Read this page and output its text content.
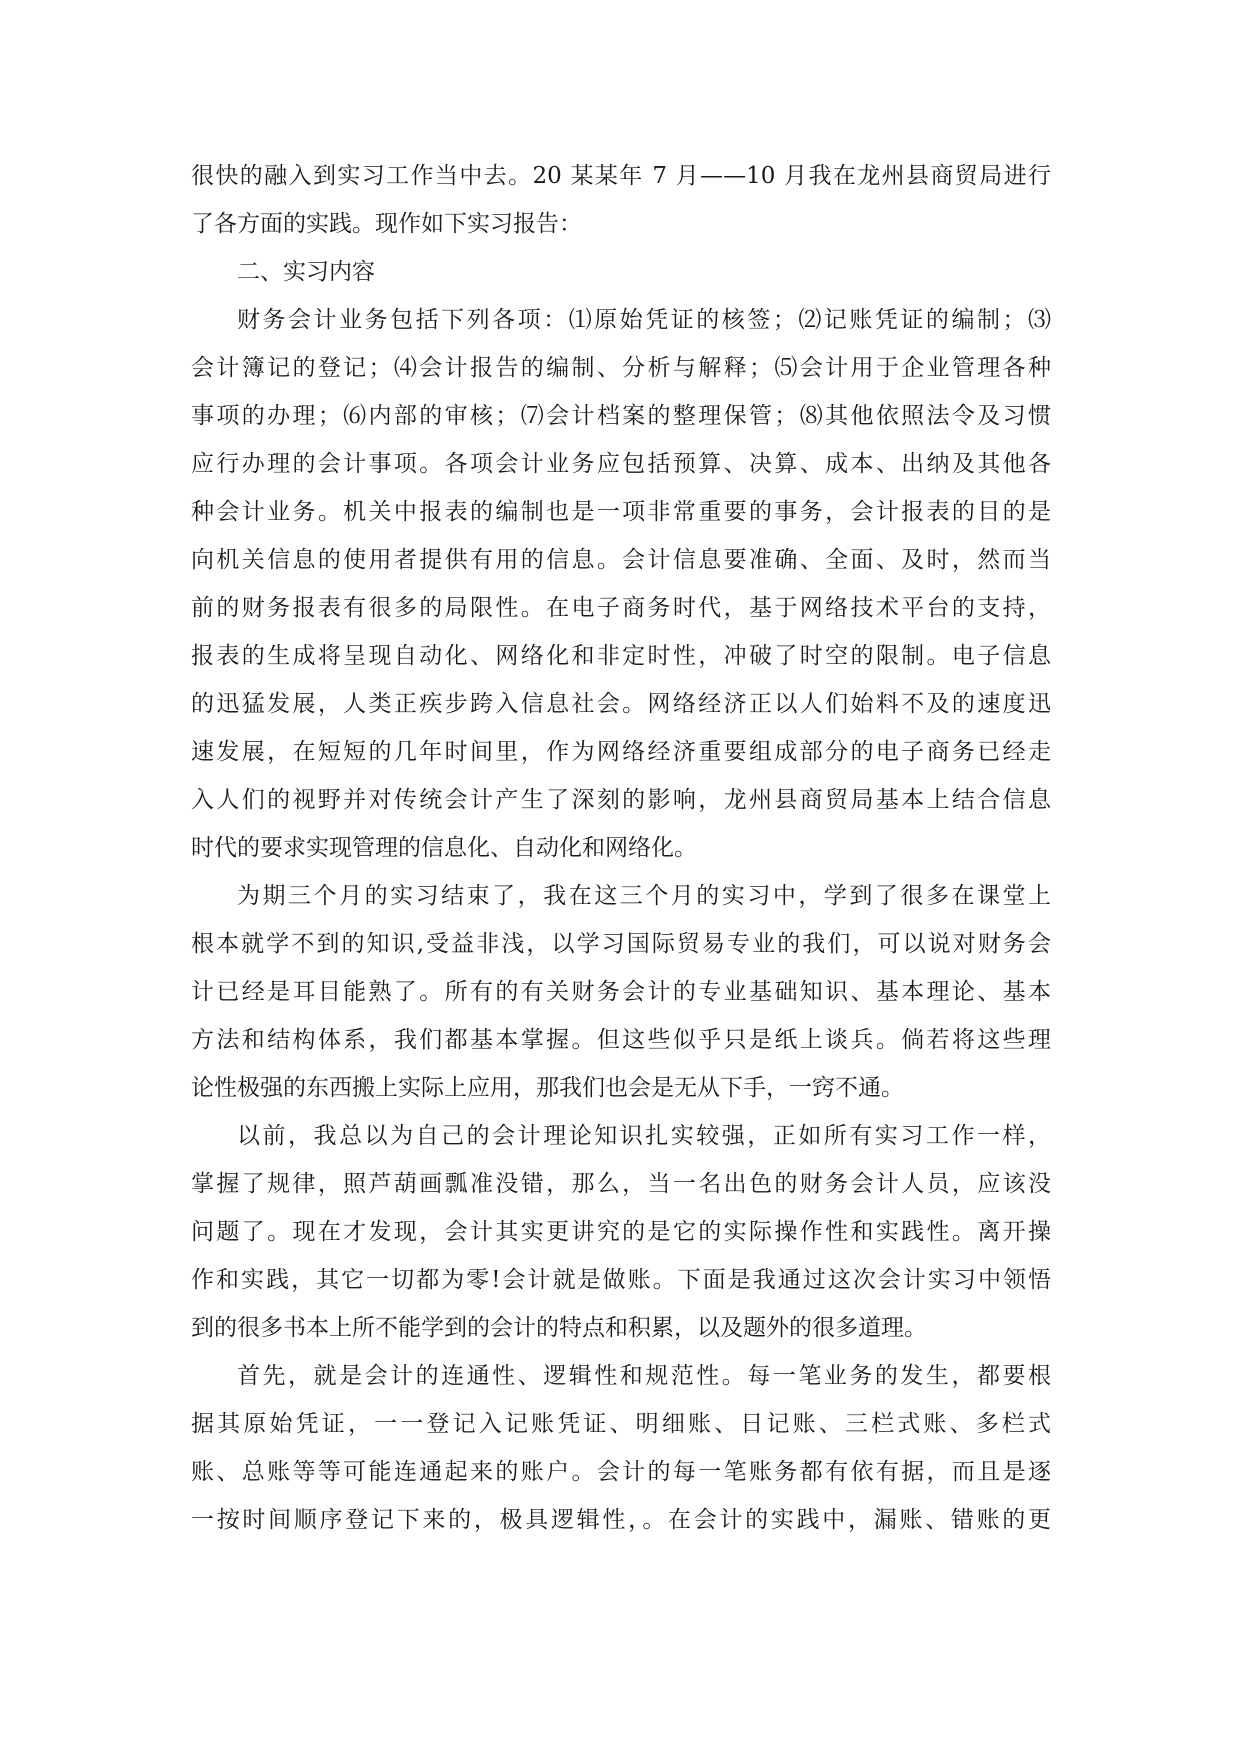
很快的融入到实习工作当中去。20 某某年 7 月——10 月我在龙州县商贸局进行
了各方面的实践。现作如下实习报告：
二、实习内容
财务会计业务包括下列各项：⑴原始凭证的核签；⑵记账凭证的编制；⑶
会计簿记的登记；⑷会计报告的编制、分析与解释；⑸会计用于企业管理各种
事项的办理；⑹内部的审核；⑺会计档案的整理保管；⑻其他依照法令及习惯
应行办理的会计事项。各项会计业务应包括预算、决算、成本、出纳及其他各
种会计业务。机关中报表的编制也是一项非常重要的事务，会计报表的目的是
向机关信息的使用者提供有用的信息。会计信息要准确、全面、及时，然而当
前的财务报表有很多的局限性。在电子商务时代，基于网络技术平台的支持，
报表的生成将呈现自动化、网络化和非定时性，冲破了时空的限制。电子信息
的迅猛发展，人类正疾步跨入信息社会。网络经济正以人们始料不及的速度迅
速发展，在短短的几年时间里，作为网络经济重要组成部分的电子商务已经走
入人们的视野并对传统会计产生了深刻的影响，龙州县商贸局基本上结合信息
时代的要求实现管理的信息化、自动化和网络化。
为期三个月的实习结束了，我在这三个月的实习中，学到了很多在课堂上
根本就学不到的知识,受益非浅，以学习国际贸易专业的我们，可以说对财务会
计已经是耳目能熟了。所有的有关财务会计的专业基础知识、基本理论、基本
方法和结构体系，我们都基本掌握。但这些似乎只是纸上谈兵。倘若将这些理
论性极强的东西搬上实际上应用，那我们也会是无从下手，一窍不通。
以前，我总以为自己的会计理论知识扎实较强，正如所有实习工作一样，
掌握了规律，照芦葫画瓢准没错，那么，当一名出色的财务会计人员，应该没
问题了。现在才发现，会计其实更讲究的是它的实际操作性和实践性。离开操
作和实践，其它一切都为零!会计就是做账。下面是我通过这次会计实习中领悟
到的很多书本上所不能学到的会计的特点和积累，以及题外的很多道理。
首先，就是会计的连通性、逻辑性和规范性。每一笔业务的发生，都要根
据其原始凭证，一一登记入记账凭证、明细账、日记账、三栏式账、多栏式
账、总账等等可能连通起来的账户。会计的每一笔账务都有依有据，而且是逐
一按时间顺序登记下来的，极具逻辑性，。在会计的实践中，漏账、错账的更
